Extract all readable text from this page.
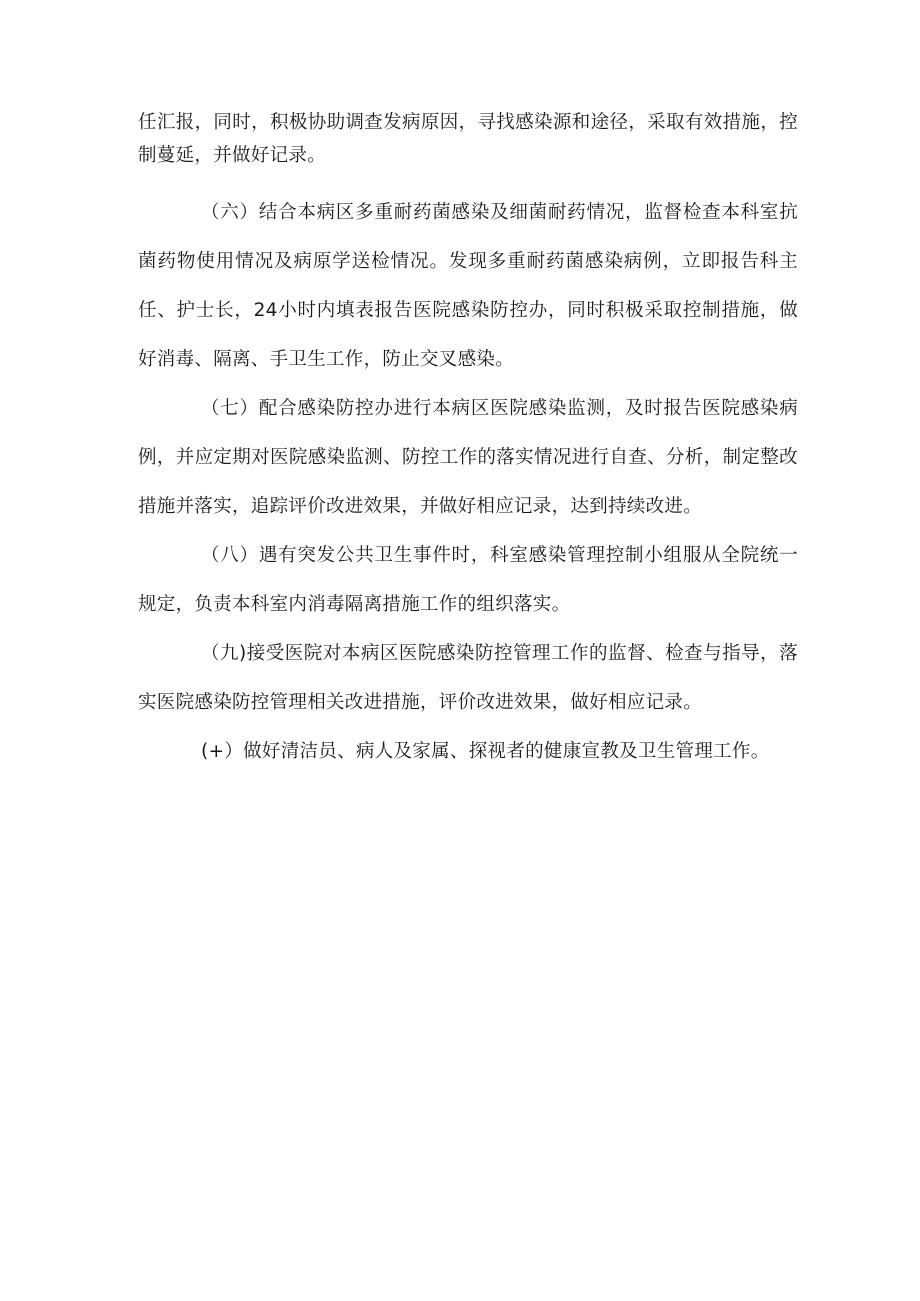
任汇报，同时，积极协助调查发病原因，寻找感染源和途径，采取有效措施，控制蔓延，并做好记录。

（六）结合本病区多重耐药菌感染及细菌耐药情况，监督检查本科室抗菌药物使用情况及病原学送检情况。发现多重耐药菌感染病例，立即报告科主任、护士长，24小时内填表报告医院感染防控办，同时积极采取控制措施，做好消毒、隔离、手卫生工作，防止交叉感染。

（七）配合感染防控办进行本病区医院感染监测，及时报告医院感染病例，并应定期对医院感染监测、防控工作的落实情况进行自查、分析，制定整改措施并落实，追踪评价改进效果，并做好相应记录，达到持续改进。

（八）遇有突发公共卫生事件时，科室感染管理控制小组服从全院统一规定，负责本科室内消毒隔离措施工作的组织落实。

（九)接受医院对本病区医院感染防控管理工作的监督、检查与指导，落实医院感染防控管理相关改进措施，评价改进效果，做好相应记录。

(+）做好清洁员、病人及家属、探视者的健康宣教及卫生管理工作。
